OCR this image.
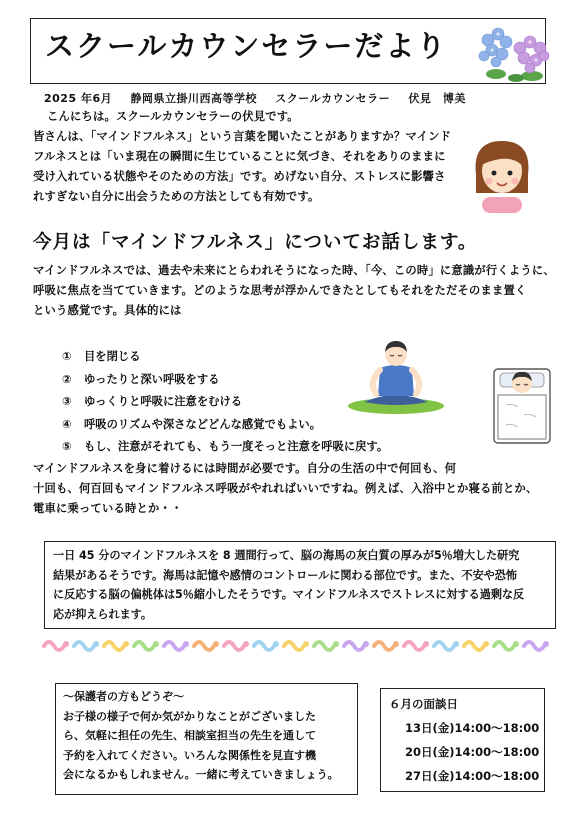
スクールカウンセラーだより
2025 年6月 静岡県立掛川西高等学校 スクールカウンセラー 伏見　博美
こんにちは。スクールカウンセラーの伏見です。
皆さんは、「マインドフルネス」という言葉を聞いたことがありますか？マインド
フルネスとは「いま現在の瞬間に生じていることに気づき、それをありのままに
受け入れている状態やそのための方法」です。めげない自分、ストレスに影響さ
れすぎない自分に出会うための方法としても有効です。
今月は「マインドフルネス」についてお話します。
マインドフルネスでは、過去や未来にとらわれそうになった時、「今、この時」に意識が行くように、
呼吸に焦点を当てていきます。どのような思考が浮かんできたとしてもそれをただそのまま置く
という感覚です。具体的には
① 目を閉じる
② ゆったりと深い呼吸をする
③ ゆっくりと呼吸に注意をむける
④ 呼吸のリズムや深さなどどんな感覚でもよい。
⑤ もし、注意がそれても、もう一度そっと注意を呼吸に戻す。
マインドフルネスを身に着けるには時間が必要です。自分の生活の中で何回も、何
十回も、何百回もマインドフルネス呼吸がやれればいいですね。例えば、入浴中とか寝る前とか、
電車に乗っている時とか・・
一日 45 分のマインドフルネスを 8 週間行って、脳の海馬の灰白質の厚みが5％増大した研究
結果があるそうです。海馬は記憶や感情のコントロールに関わる部位です。また、不安や恐怖
に反応する脳の偏桃体は5％縮小したそうです。マインドフルネスでストレスに対する過剰な反
応が抑えられます。
～保護者の方もどうぞ～
お子様の様子で何か気がかりなことがございました
ら、気軽に担任の先生、相談室担当の先生を通して
予約を入れてください。いろんな関係性を見直す機
会になるかもしれません。一緒に考えていきましょう。
６月の面談日
13日(金)14:00～18:00
20日(金)14:00～18:00
27日(金)14:00～18:00
